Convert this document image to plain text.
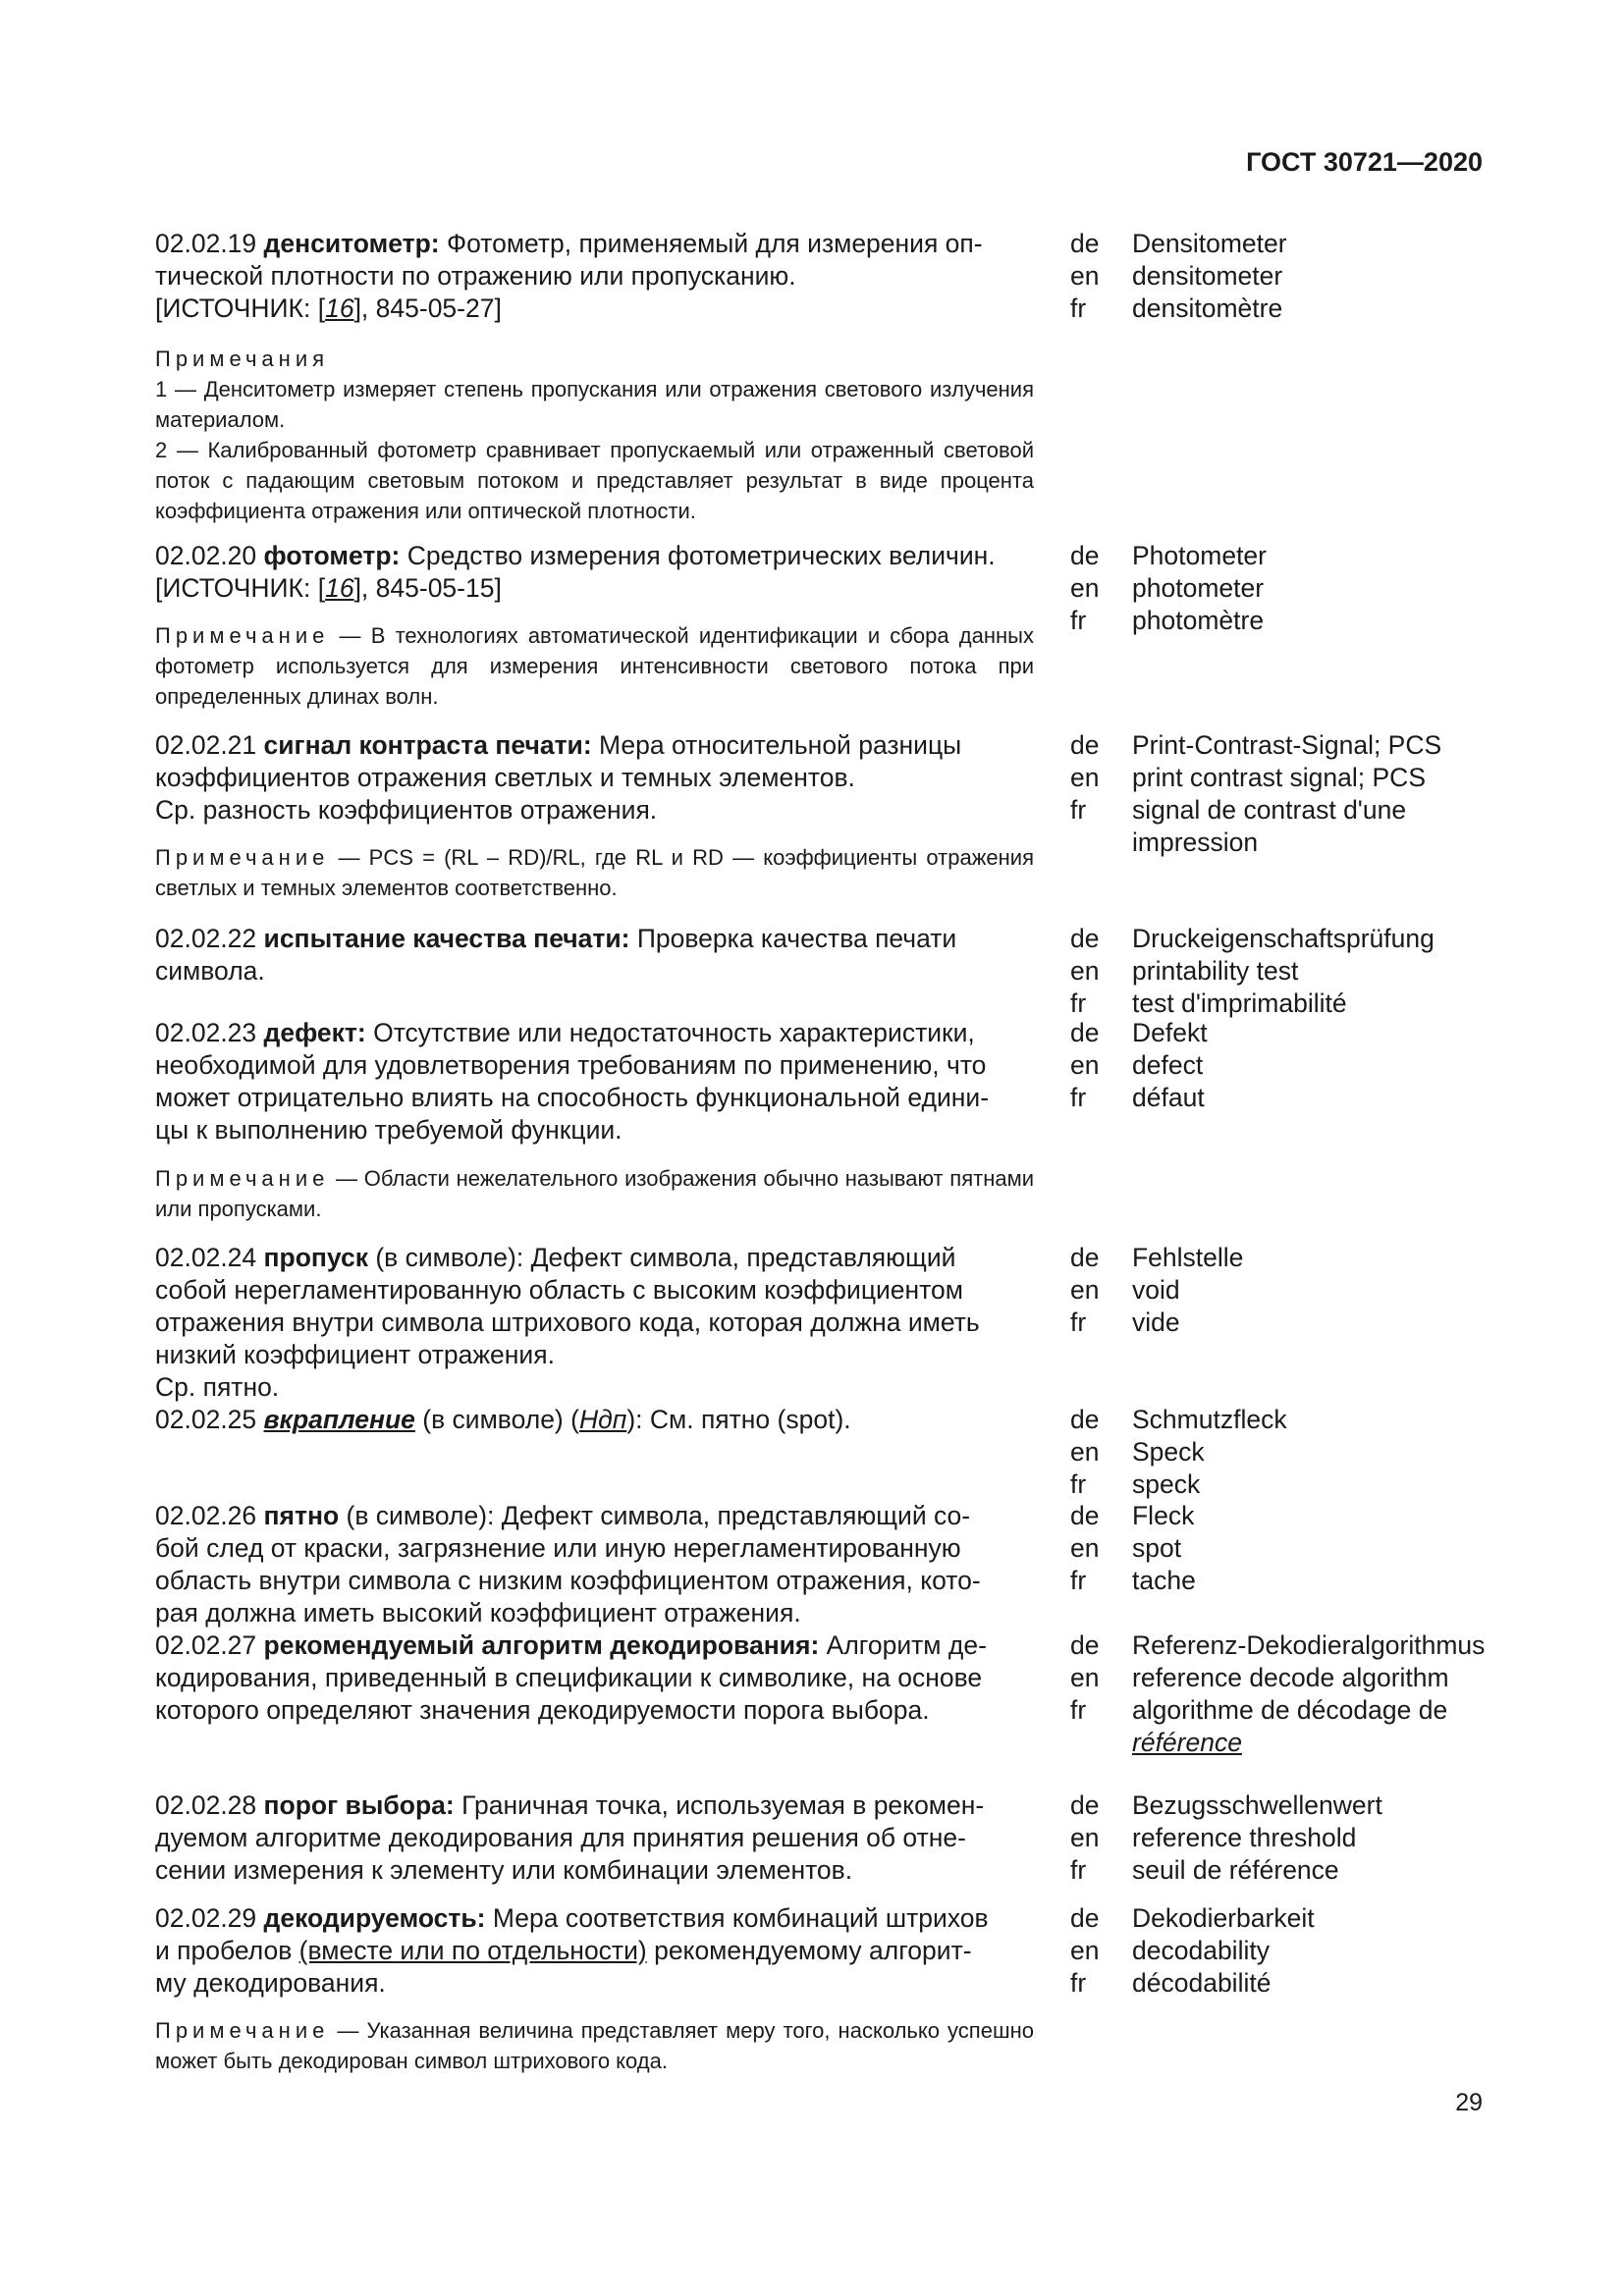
ГОСТ 30721—2020
02.02.19 денситометр: Фотометр, применяемый для измерения оп-
тической плотности по отражению или пропусканию.
[ИСТОЧНИК: [16], 845-05-27]
Примечания
1 — Денситометр измеряет степень пропускания или отражения светового излучения материалом.
2 — Калиброванный фотометр сравнивает пропускаемый или отраженный световой поток с падающим световым потоком и представляет результат в виде процента коэффициента отражения или оптической плотности.
de	Densitometer
en	densitometer
fr	densitomètre
02.02.20 фотометр: Средство измерения фотометрических величин.
[ИСТОЧНИК: [16], 845-05-15]
Примечание — В технологиях автоматической идентификации и сбора данных фотометр используется для измерения интенсивности светового потока при определенных длинах волн.
de	Photometer
en	photometer
fr	photomètre
02.02.21 сигнал контраста печати: Мера относительной разницы
коэффициентов отражения светлых и темных элементов.
Ср. разность коэффициентов отражения.
Примечание — PCS = (RL – RD)/RL, где RL и RD — коэффициенты отражения светлых и темных элементов соответственно.
de	Print-Contrast-Signal; PCS
en	print contrast signal; PCS
fr	signal de contrast d'une impression
02.02.22 испытание качества печати: Проверка качества печати
символа.
de	Druckeigenschaftsprüfung
en	printability test
fr	test d'imprimabilité
02.02.23 дефект: Отсутствие или недостаточность характеристики,
необходимой для удовлетворения требованиям по применению, что
может отрицательно влиять на способность функциональной едини-
цы к выполнению требуемой функции.
Примечание — Области нежелательного изображения обычно называют пятнами или пропусками.
de	Defekt
en	defect
fr	défaut
02.02.24 пропуск (в символе): Дефект символа, представляющий
собой нерегламентированную область с высоким коэффициентом
отражения внутри символа штрихового кода, которая должна иметь
низкий коэффициент отражения.
Ср. пятно.
de	Fehlstelle
en	void
fr	vide
02.02.25 вкрапление (в символе) (Ндп): См. пятно (spot).	de	Schmutzfleck
en	Speck
fr	speck
02.02.26 пятно (в символе): Дефект символа, представляющий со-
бой след от краски, загрязнение или иную нерегламентированную
область внутри символа с низким коэффициентом отражения, кото-
рая должна иметь высокий коэффициент отражения.
de	Fleck
en	spot
fr	tache
02.02.27 рекомендуемый алгоритм декодирования: Алгоритм де-
кодирования, приведенный в спецификации к символике, на основе
которого определяют значения декодируемости порога выбора.
de	Referenz-Dekodieralgorithmus
en	reference decode algorithm
fr	algorithme de décodage de
référence
02.02.28 порог выбора: Граничная точка, используемая в рекомен-
дуемом алгоритме декодирования для принятия решения об отне-
сении измерения к элементу или комбинации элементов.
de	Bezugsschwellenwert
en	reference threshold
fr	seuil de référence
02.02.29 декодируемость: Мера соответствия комбинаций штрихов
и пробелов (вместе или по отдельности) рекомендуемому алгорит-
му декодирования.
Примечание — Указанная величина представляет меру того, насколько успешно может быть декодирован символ штрихового кода.
de	Dekodierbarkeit
en	decodability
fr	décodabilité
29
